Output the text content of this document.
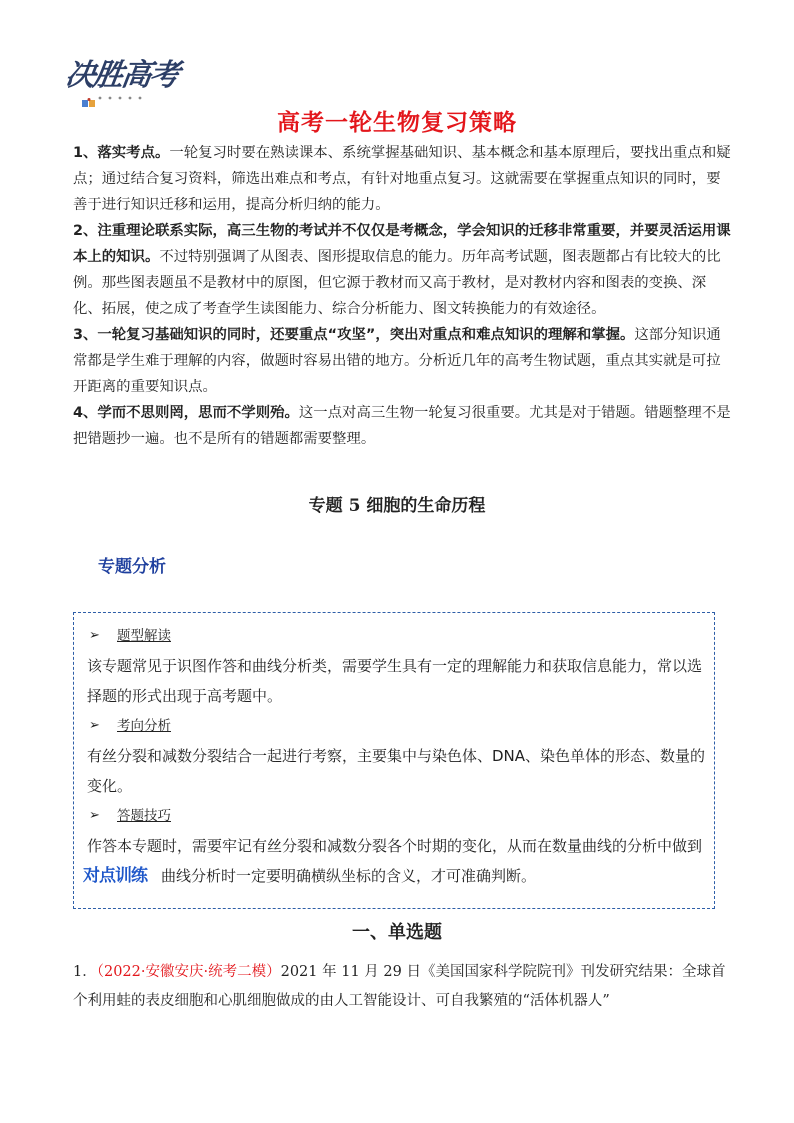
决胜高考
高考一轮生物复习策略

1、落实考点。一轮复习时要在熟读课本、系统掌握基础知识、基本概念和基本原理后，要找出重点和疑点；通过结合复习资料，筛选出难点和考点，有针对地重点复习。这就需要在掌握重点知识的同时，要善于进行知识迁移和运用，提高分析归纳的能力。

2、注重理论联系实际，高三生物的考试并不仅仅是考概念，学会知识的迁移非常重要，并要灵活运用课本上的知识。不过特别强调了从图表、图形提取信息的能力。历年高考试题，图表题都占有比较大的比例。那些图表题虽不是教材中的原图，但它源于教材而又高于教材，是对教材内容和图表的变换、深化、拓展，使之成了考查学生读图能力、综合分析能力、图文转换能力的有效途径。

3、一轮复习基础知识的同时，还要重点“攻坚”，突出对重点和难点知识的理解和掌握。这部分知识通常都是学生难于理解的内容，做题时容易出错的地方。分析近几年的高考生物试题，重点其实就是可拉开距离的重要知识点。

4、学而不思则罔，思而不学则殆。这一点对高三生物一轮复习很重要。尤其是对于错题。错题整理不是把错题抄一遍。也不是所有的错题都需要整理。

专题 5 细胞的生命历程
专题分析
➢	题型解读

该专题常见于识图作答和曲线分析类，需要学生具有一定的理解能力和获取信息能力，常以选择题的形式出现于高考题中。

➢	考向分析

有丝分裂和减数分裂结合一起进行考察，主要集中与染色体、DNA、染色单体的形态、数量的变化。

➢	答题技巧

作答本专题时，需要牢记有丝分裂和减数分裂各个时期的变化，从而在数量曲线的分析中做到
对点训练 曲线分析时一定要明确横纵坐标的含义，才可准确判断。

一、单选题

1．（2022·安徽安庆·统考二模）2021 年 11 月 29 日《美国国家科学院院刊》刊发研究结果：全球首个利用蛙的表皮细胞和心肌细胞做成的由人工智能设计、可自我繁殖的“活体机器人”
